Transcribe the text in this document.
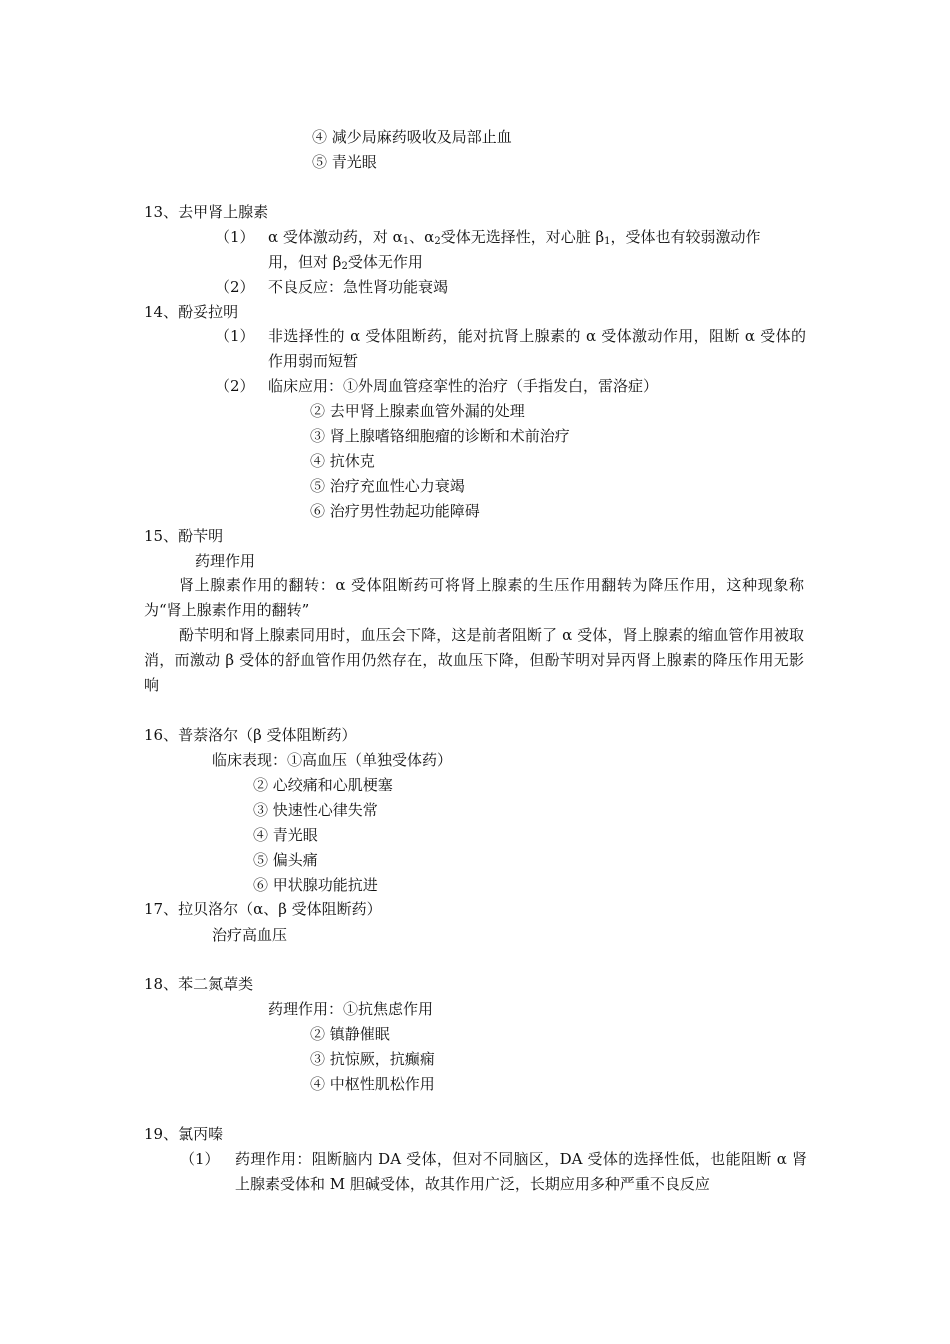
④ 减少局麻药吸收及局部止血
⑤ 青光眼
13、去甲肾上腺素
（1） α 受体激动药，对 $\alpha_1$、$\alpha_2$受体无选择性，对心脏 $\beta_1$，受体也有较弱激动作
用，但对 $\beta_2$受体无作用
（2） 不良反应：急性肾功能衰竭
14、酚妥拉明
（1） 非选择性的 α 受体阻断药，能对抗肾上腺素的 α 受体激动作用，阻断 α 受体的作用弱而短暂
（2） 临床应用：①外周血管痉挛性的治疗（手指发白，雷洛症）
② 去甲肾上腺素血管外漏的处理
③ 肾上腺嗜铬细胞瘤的诊断和术前治疗
④ 抗休克
⑤ 治疗充血性心力衰竭
⑥ 治疗男性勃起功能障碍
15、酚苄明
药理作用
肾上腺素作用的翻转：α 受体阻断药可将肾上腺素的生压作用翻转为降压作用，这种现象称为“肾上腺素作用的翻转”
酚苄明和肾上腺素同用时，血压会下降，这是前者阻断了 α 受体，肾上腺素的缩血管作用被取消，而激动 β 受体的舒血管作用仍然存在，故血压下降，但酚苄明对异丙肾上腺素的降压作用无影响
16、普萘洛尔（β 受体阻断药）
临床表现：①高血压（单独受体药）
② 心绞痛和心肌梗塞
③ 快速性心律失常
④ 青光眼
⑤ 偏头痛
⑥ 甲状腺功能抗进
17、拉贝洛尔（α、β 受体阻断药）
治疗高血压
18、苯二氮䓬类
药理作用：①抗焦虑作用
② 镇静催眠
③ 抗惊厥，抗癫痫
④ 中枢性肌松作用
19、氯丙嗪
（1） 药理作用：阻断脑内 DA 受体，但对不同脑区，DA 受体的选择性低，也能阻断 α 肾上腺素受体和 M 胆碱受体，故其作用广泛，长期应用多种严重不良反应
